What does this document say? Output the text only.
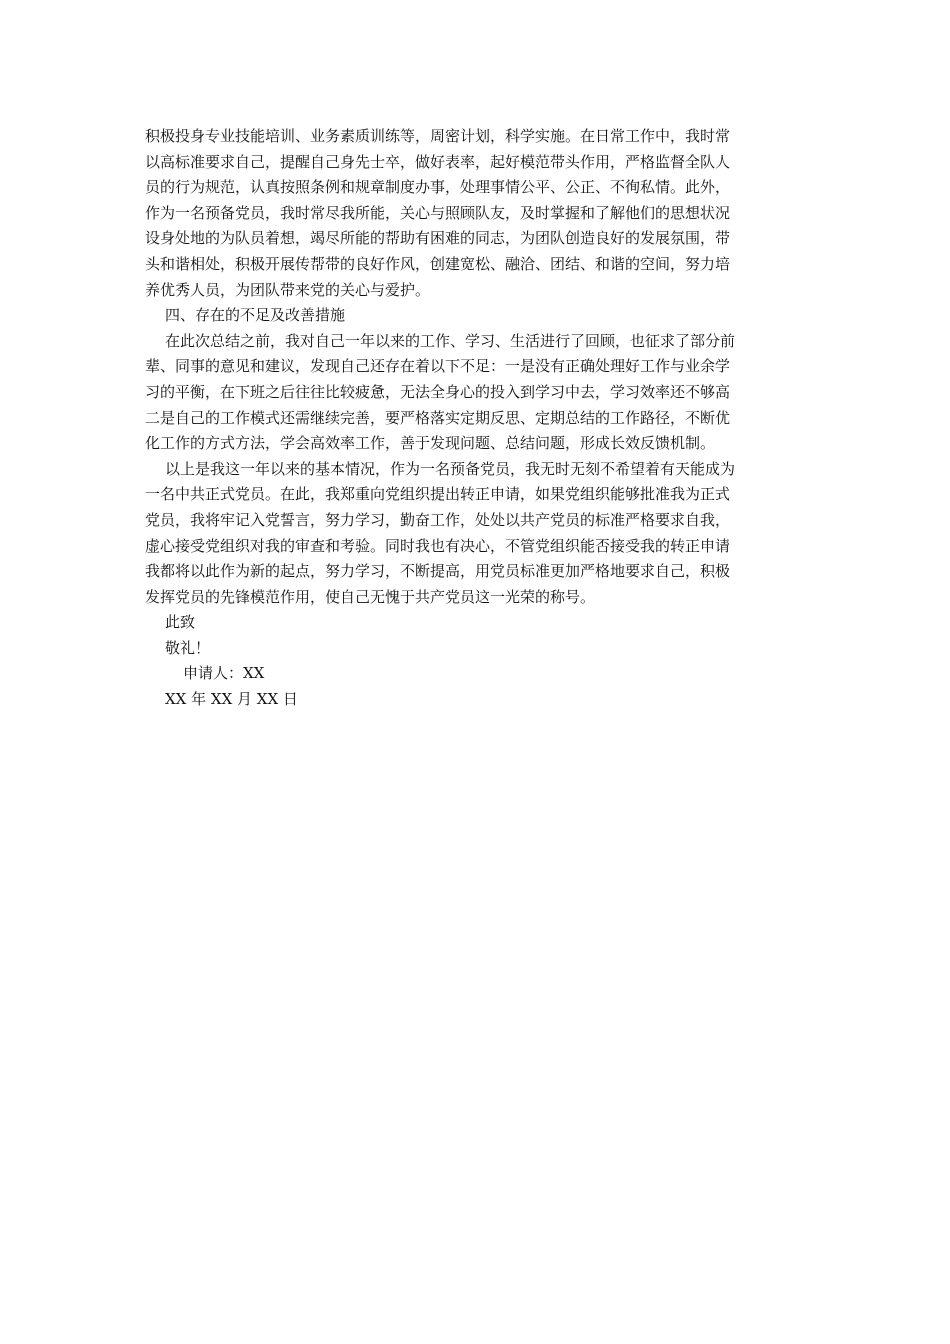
积极投身专业技能培训、业务素质训练等，周密计划，科学实施。在日常工作中，我时常
以高标准要求自己，提醒自己身先士卒，做好表率，起好模范带头作用，严格监督全队人
员的行为规范，认真按照条例和规章制度办事，处理事情公平、公正、不徇私情。此外，
作为一名预备党员，我时常尽我所能，关心与照顾队友，及时掌握和了解他们的思想状况
设身处地的为队员着想，竭尽所能的帮助有困难的同志，为团队创造良好的发展氛围，带
头和谐相处，积极开展传帮带的良好作风，创建宽松、融洽、团结、和谐的空间，努力培
养优秀人员，为团队带来党的关心与爱护。
四、存在的不足及改善措施
在此次总结之前，我对自己一年以来的工作、学习、生活进行了回顾，也征求了部分前
辈、同事的意见和建议，发现自己还存在着以下不足：一是没有正确处理好工作与业余学
习的平衡，在下班之后往往比较疲惫，无法全身心的投入到学习中去，学习效率还不够高
二是自己的工作模式还需继续完善，要严格落实定期反思、定期总结的工作路径，不断优
化工作的方式方法，学会高效率工作，善于发现问题、总结问题，形成长效反馈机制。
以上是我这一年以来的基本情况，作为一名预备党员，我无时无刻不希望着有天能成为
一名中共正式党员。在此，我郑重向党组织提出转正申请，如果党组织能够批准我为正式
党员，我将牢记入党誓言，努力学习，勤奋工作，处处以共产党员的标准严格要求自我，
虚心接受党组织对我的审查和考验。同时我也有决心，不管党组织能否接受我的转正申请
我都将以此作为新的起点，努力学习，不断提高，用党员标准更加严格地要求自己，积极
发挥党员的先锋模范作用，使自己无愧于共产党员这一光荣的称号。
此致
敬礼！
申请人：XX
XX 年 XX 月 XX 日
